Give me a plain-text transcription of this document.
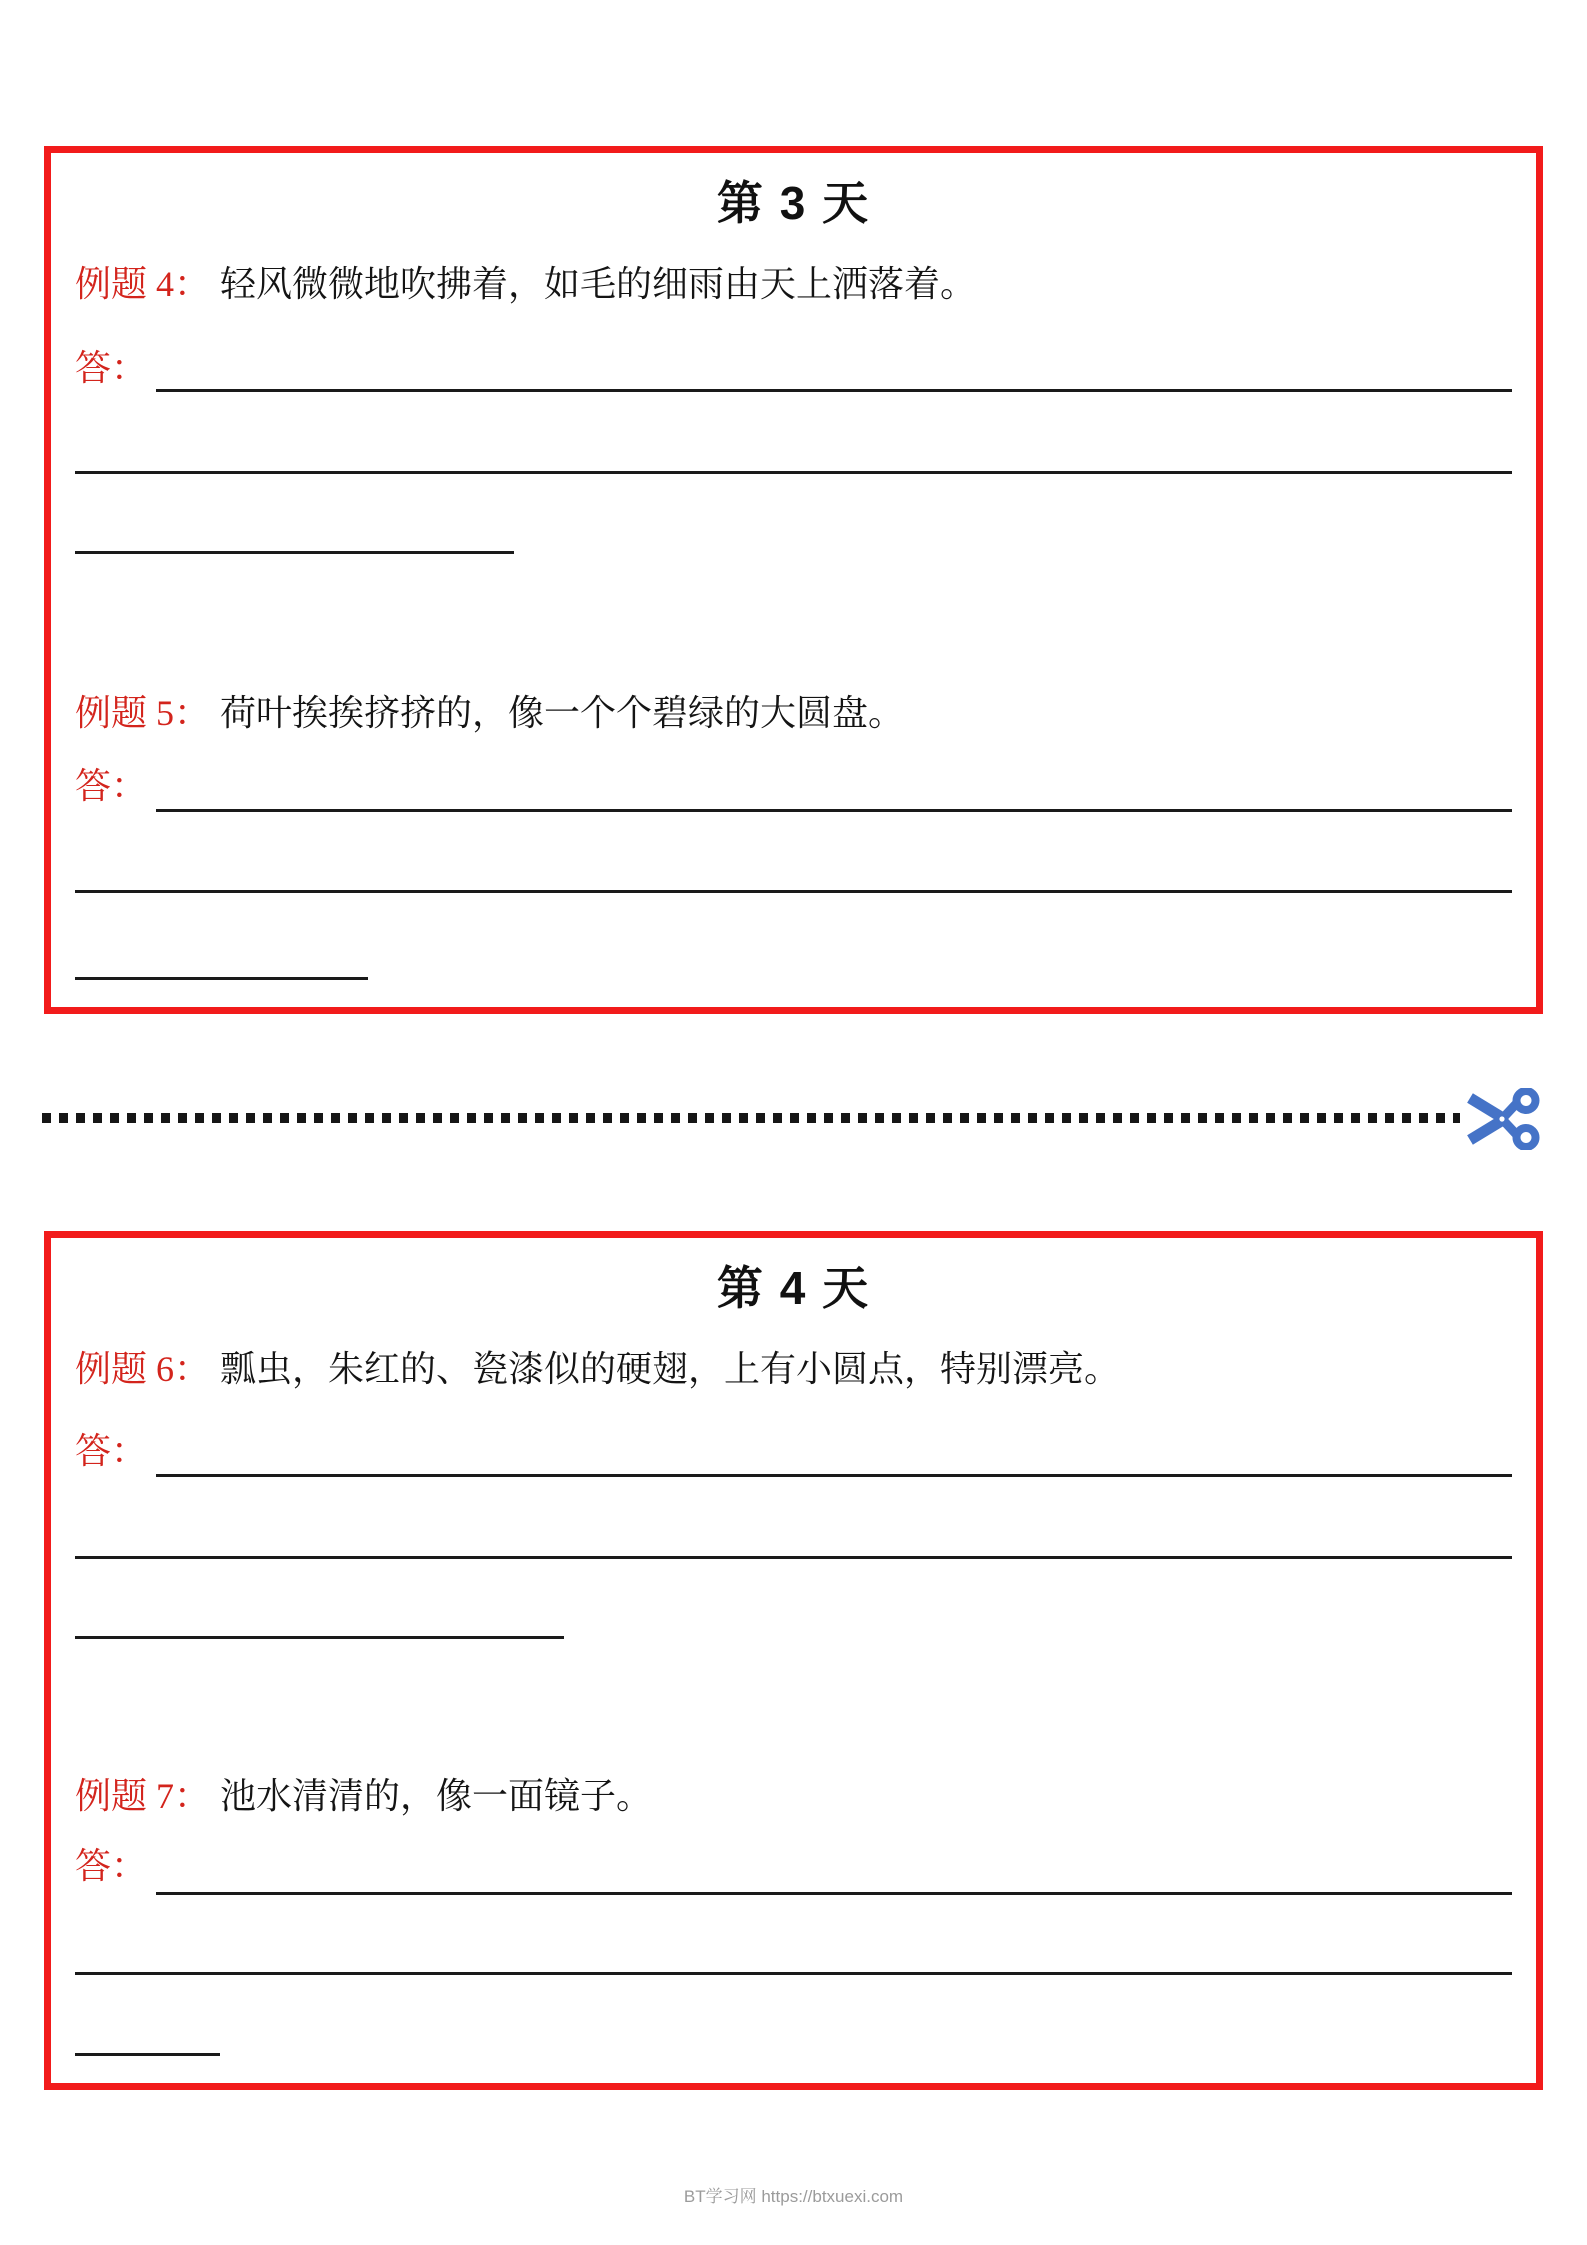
第 3 天
例题 4： 轻风微微地吹拂着，如毛的细雨由天上洒落着。
答：
例题 5： 荷叶挨挨挤挤的，像一个个碧绿的大圆盘。
答：
第 4 天
例题 6： 瓢虫，朱红的、瓷漆似的硬翅，上有小圆点，特别漂亮。
答：
例题 7： 池水清清的，像一面镜子。
答：
BT学习网 https://btxuexi.com
